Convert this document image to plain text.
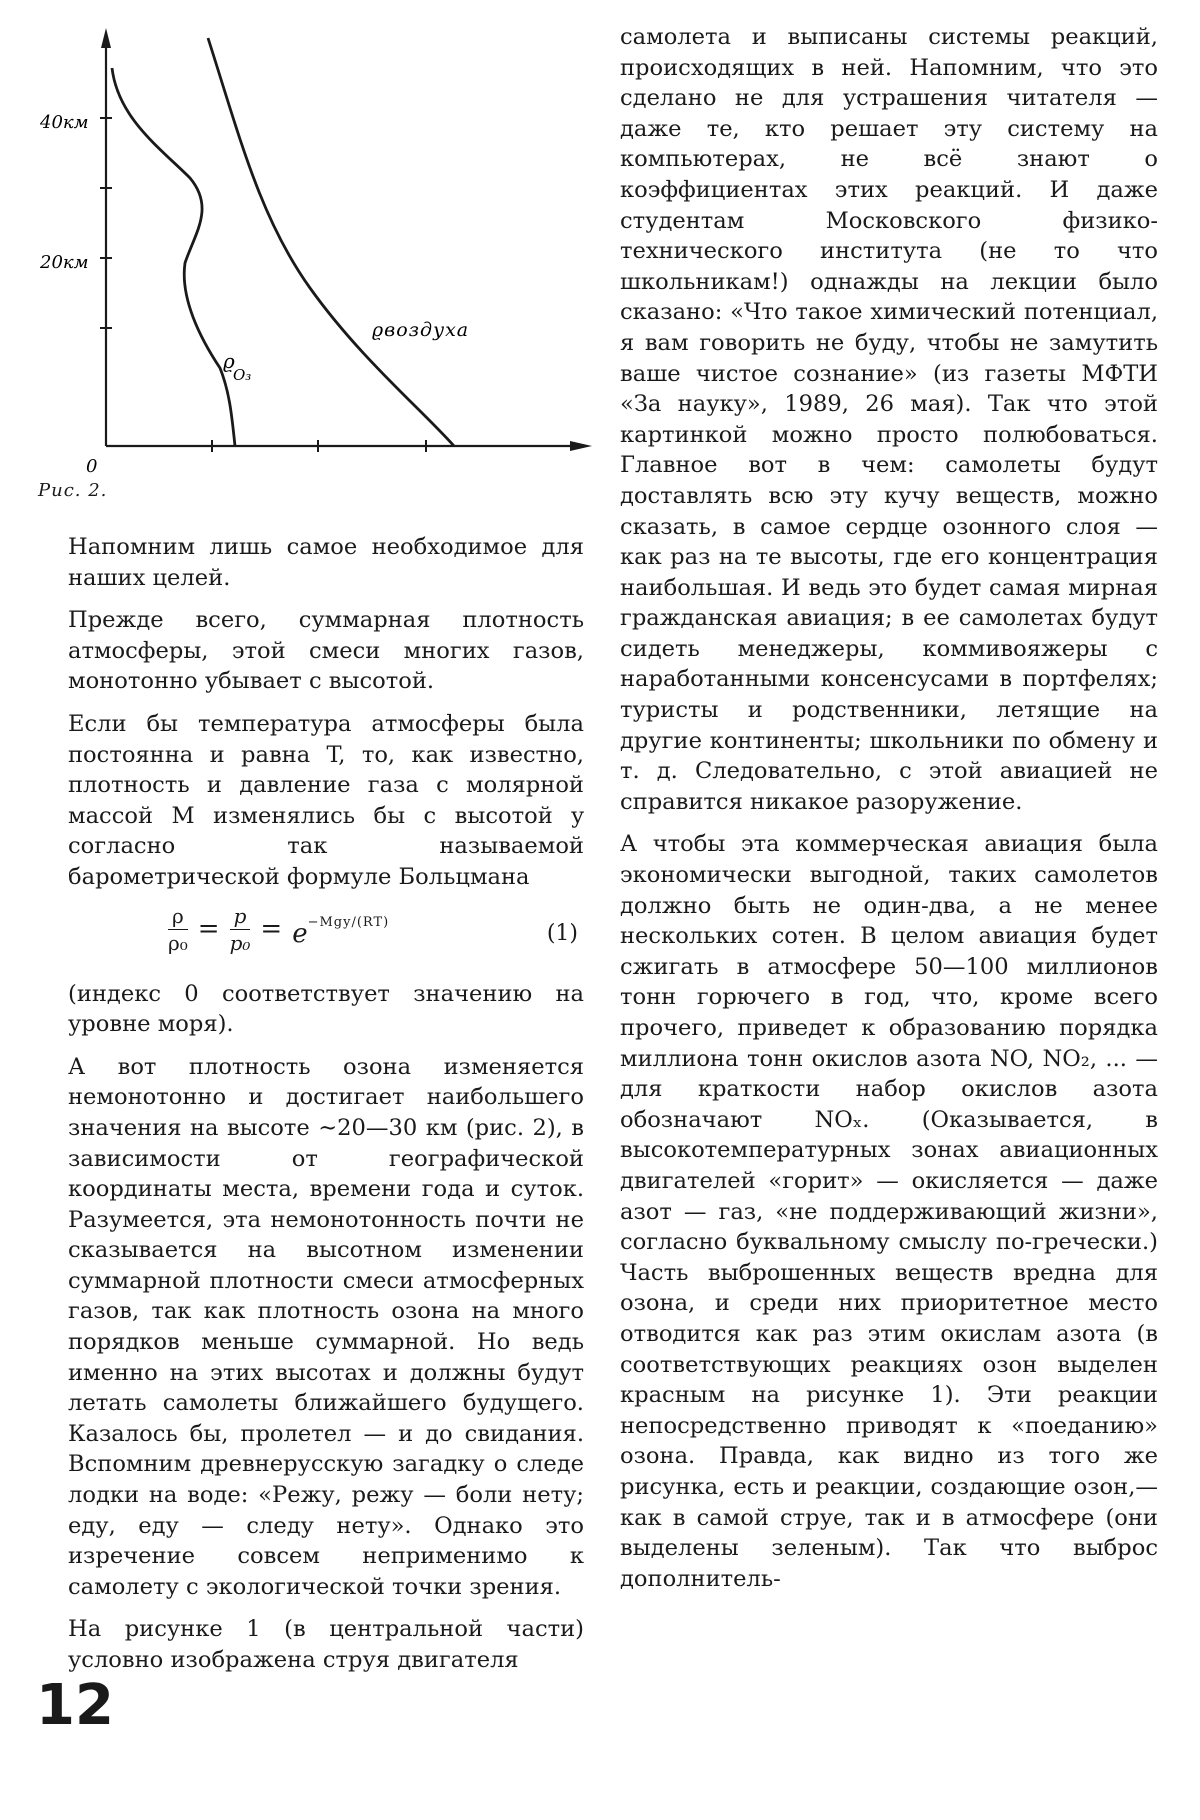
40км
20км
0
ϱвоздуха
ϱ
O₃
Рис. 2.

Напомним лишь самое необходимое для наших целей.

Прежде всего, суммарная плотность атмосферы, этой смеси многих газов, монотонно убывает с высотой.

Если бы температура атмосферы была постоянна и равна T, то, как известно, плотность и давление газа с молярной массой M изменялись бы с высотой y согласно так называемой барометрической формуле Больцмана

$\frac{\rho}{\text{ρ₀}} = \frac{p}{\text{p₀}} = e^{-Mgy/(RT)}$	(1)

(индекс 0 соответствует значению на уровне моря).

А вот плотность озона изменяется немонотонно и достигает наибольшего значения на высоте ∼20—30 км (рис. 2), в зависимости от географической координаты места, времени года и суток. Разумеется, эта немонотонность почти не сказывается на высотном изменении суммарной плотности смеси атмосферных газов, так как плотность озона на много порядков меньше суммарной. Но ведь именно на этих высотах и должны будут летать самолеты ближайшего будущего. Казалось бы, пролетел — и до свидания. Вспомним древнерусскую загадку о следе лодки на воде: «Режу, режу — боли нету; еду, еду — следу нету». Однако это изречение совсем неприменимо к самолету с экологической точки зрения.

На рисунке 1 (в центральной части) условно изображена струя двигателя

самолета и выписаны системы реакций, происходящих в ней. Напомним, что это сделано не для устрашения читателя — даже те, кто решает эту систему на компьютерах, не всё знают о коэффициентах этих реакций. И даже студентам Московского физико-технического института (не то что школьникам!) однажды на лекции было сказано: «Что такое химический потенциал, я вам говорить не буду, чтобы не замутить ваше чистое сознание» (из газеты МФТИ «За науку», 1989, 26 мая). Так что этой картинкой можно просто полюбоваться. Главное вот в чем: самолеты будут доставлять всю эту кучу веществ, можно сказать, в самое сердце озонного слоя — как раз на те высоты, где его концентрация наибольшая. И ведь это будет самая мирная гражданская авиация; в ее самолетах будут сидеть менеджеры, коммивояжеры с наработанными консенсусами в портфелях; туристы и родственники, летящие на другие континенты; школьники по обмену и т. д. Следовательно, с этой авиацией не справится никакое разоружение.

А чтобы эта коммерческая авиация была экономически выгодной, таких самолетов должно быть не один-два, а не менее нескольких сотен. В целом авиация будет сжигать в атмосфере 50—100 миллионов тонн горючего в год, что, кроме всего прочего, приведет к образованию порядка миллиона тонн окислов азота NO, NO₂, ... — для краткости набор окислов азота обозначают NOₓ. (Оказывается, в высокотемпературных зонах авиационных двигателей «горит» — окисляется — даже азот — газ, «не поддерживающий жизни», согласно буквальному смыслу по-гречески.) Часть выброшенных веществ вредна для озона, и среди них приоритетное место отводится как раз этим окислам азота (в соответствующих реакциях озон выделен красным на рисунке 1). Эти реакции непосредственно приводят к «поеданию» озона. Правда, как видно из того же рисунка, есть и реакции, создающие озон,— как в самой струе, так и в атмосфере (они выделены зеленым). Так что выброс дополнитель-

12
